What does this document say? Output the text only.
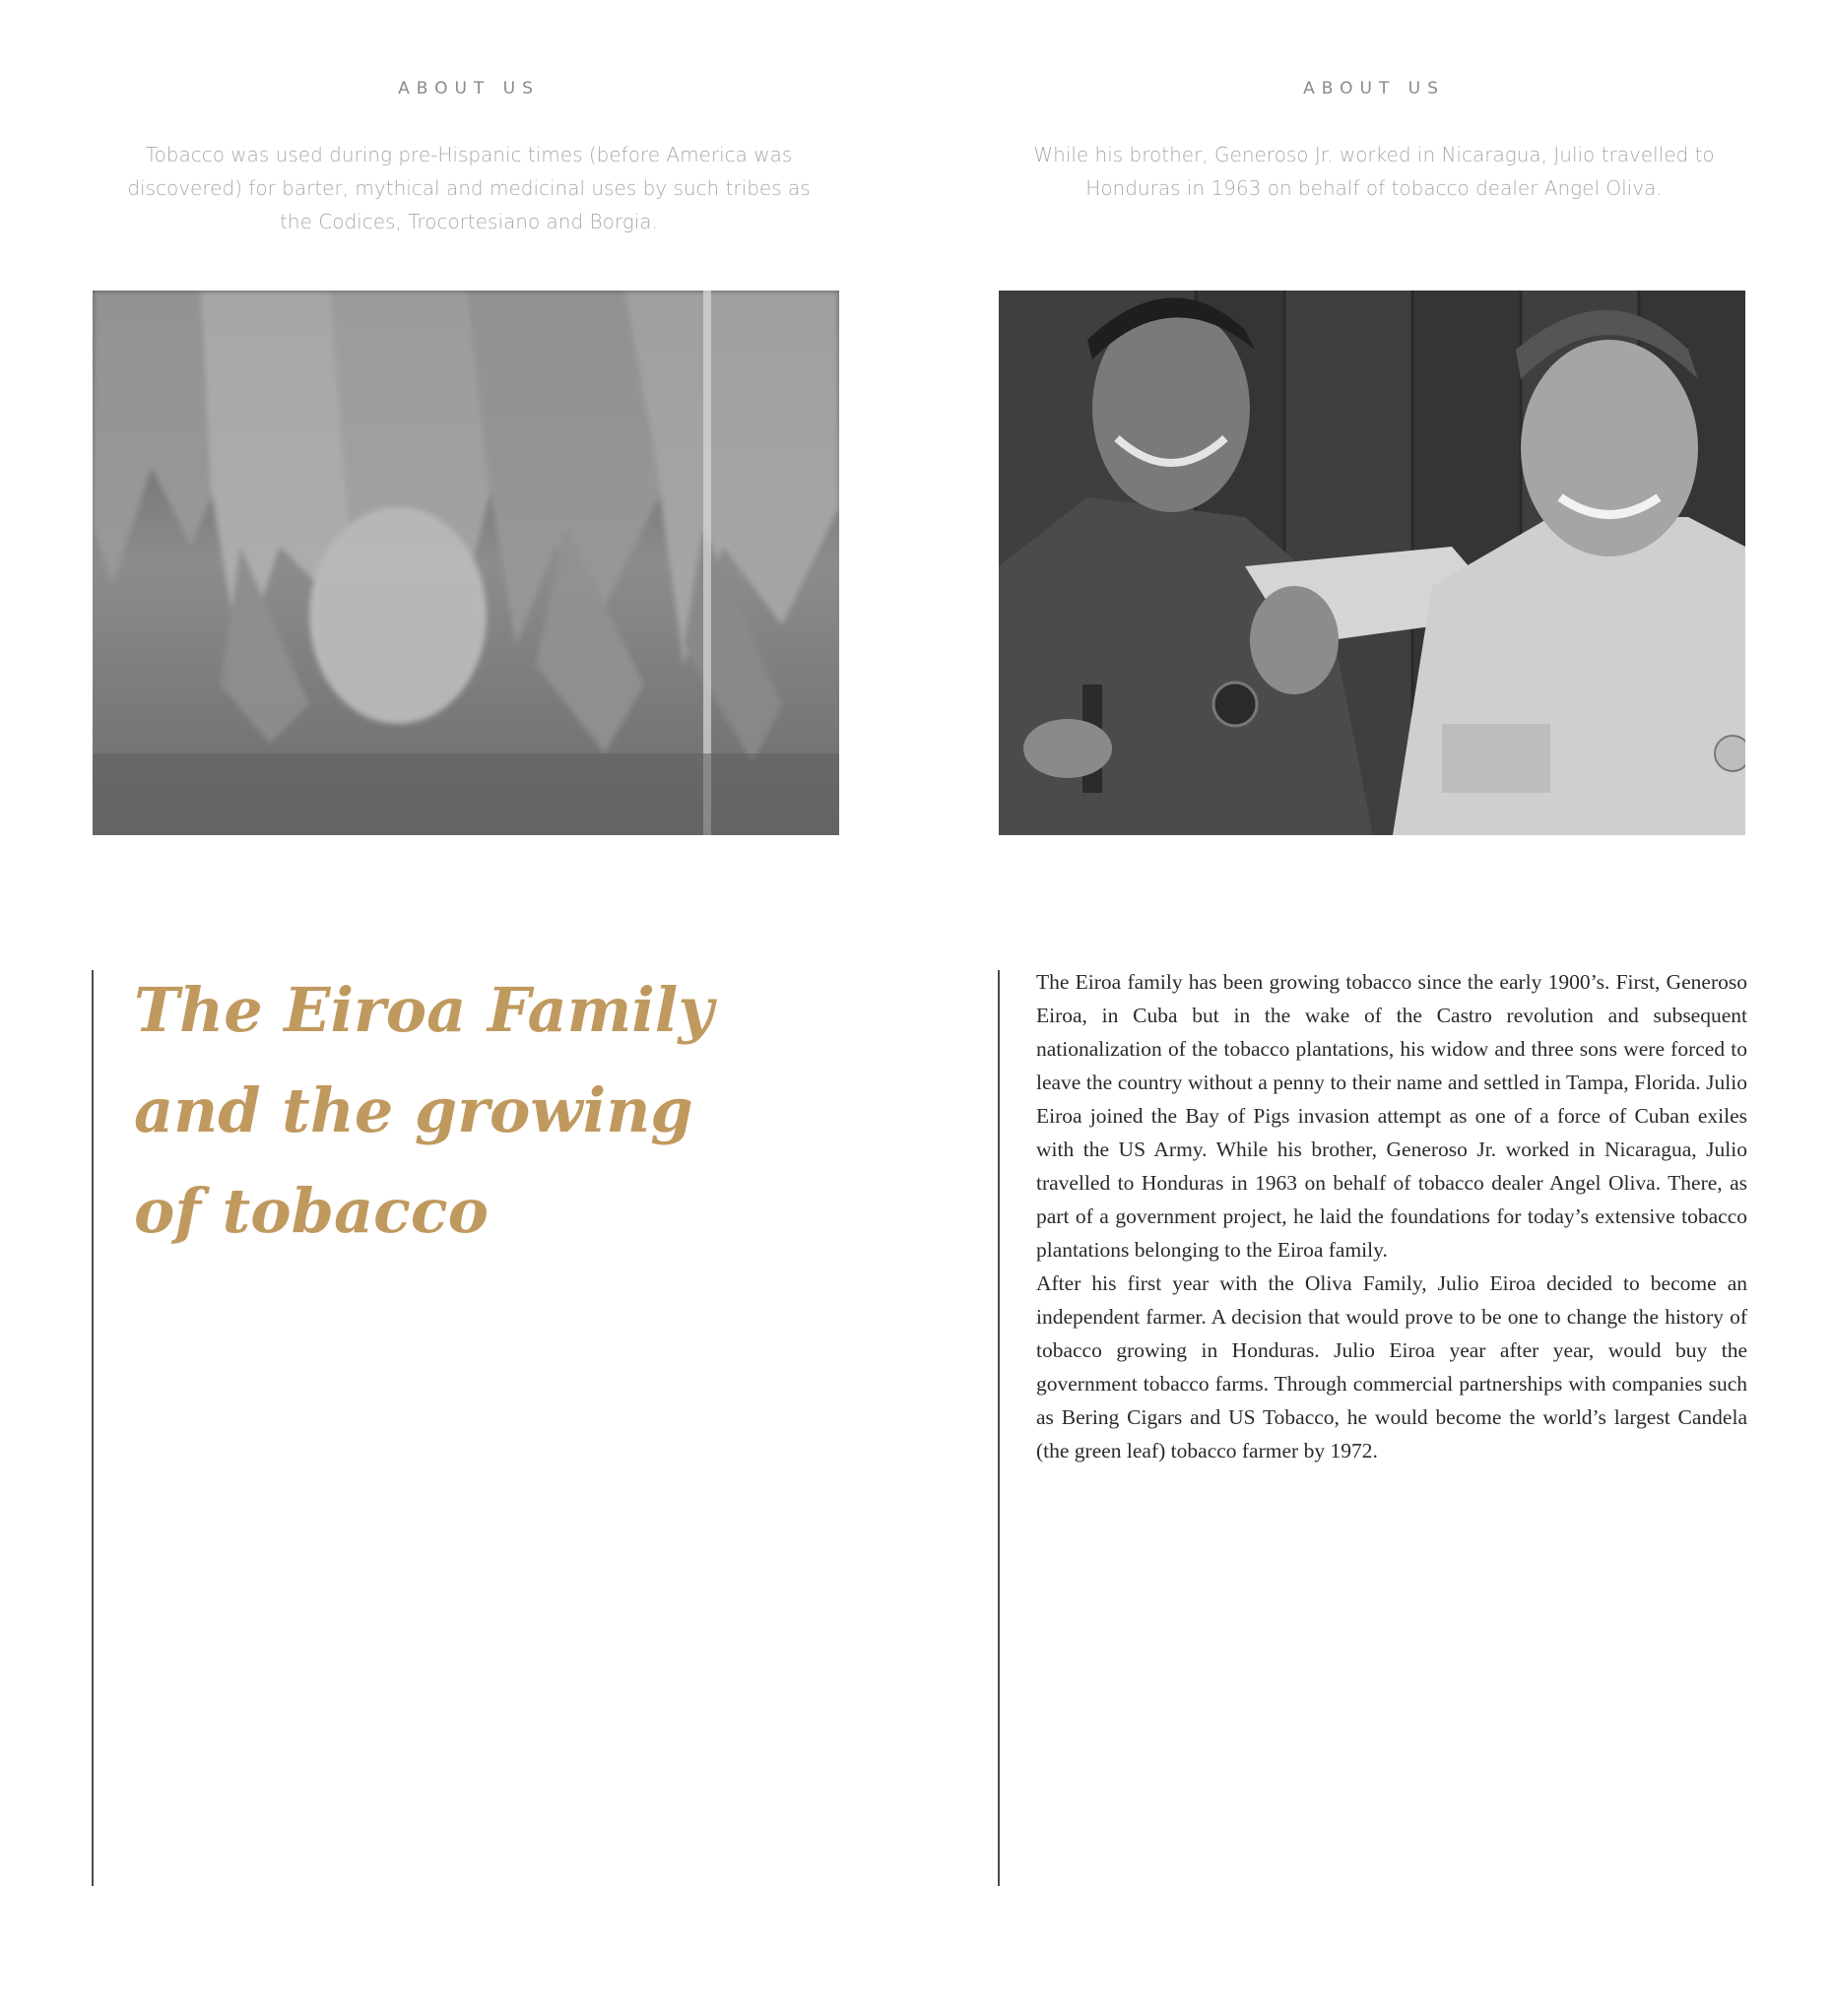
ABOUT US
Tobacco was used during pre-Hispanic times (before America was discovered) for barter, mythical and medicinal uses by such tribes as the Codices, Trocortesiano and Borgia.
The Eiroa Family and the growing of tobacco
ABOUT US
While his brother, Generoso Jr. worked in Nicaragua, Julio travelled to Honduras in 1963 on behalf of tobacco dealer Angel Oliva.

The Eiroa family has been growing tobacco since the early 1900’s. First, Generoso Eiroa, in Cuba but in the wake of the Castro revolution and subsequent nationalization of the tobacco plantations, his widow and three sons were forced to leave the country without a penny to their name and settled in Tampa, Florida. Julio Eiroa joined the Bay of Pigs invasion attempt as one of a force of Cuban exiles with the US Army. While his brother, Generoso Jr. worked in Nicaragua, Julio travelled to Honduras in 1963 on behalf of tobacco dealer Angel Oliva. There, as part of a government project, he laid the foundations for today’s extensive tobacco plantations belonging to the Eiroa family.

After his first year with the Oliva Family, Julio Eiroa decided to become an independent farmer. A decision that would prove to be one to change the history of tobacco growing in Honduras. Julio Eiroa year after year, would buy the government tobacco farms. Through commercial partnerships with companies such as Bering Cigars and US Tobacco, he would become the world’s largest Candela (the green leaf) tobacco farmer by 1972.
